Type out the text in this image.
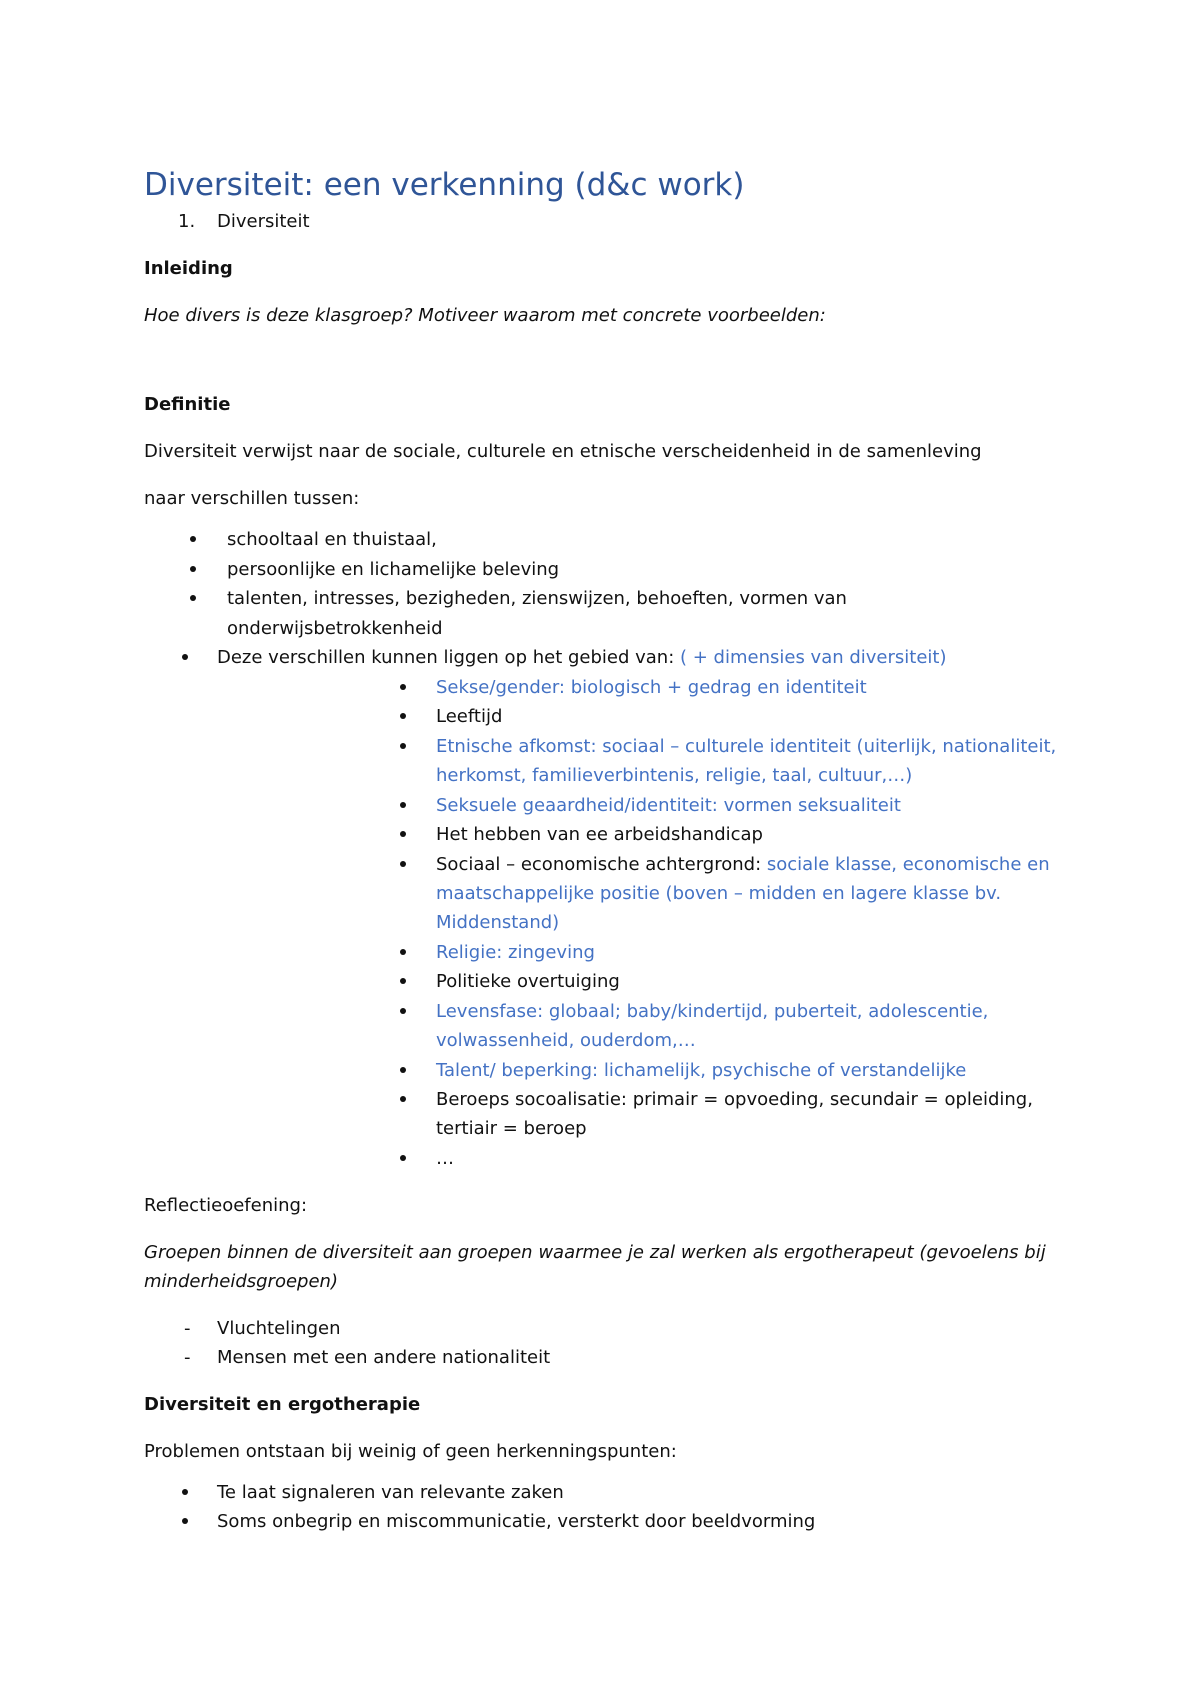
Diversiteit: een verkenning (d&c work)
1. Diversiteit
Inleiding
Hoe divers is deze klasgroep? Motiveer waarom met concrete voorbeelden:
Definitie
Diversiteit verwijst naar de sociale, culturele en etnische verscheidenheid in de samenleving
naar verschillen tussen:
schooltaal en thuistaal,
persoonlijke en lichamelijke beleving
talenten, intresses, bezigheden, zienswijzen, behoeften, vormen van
onderwijsbetrokkenheid
Deze verschillen kunnen liggen op het gebied van: ( + dimensies van diversiteit)
Sekse/gender: biologisch + gedrag en identiteit
Leeftijd
Etnische afkomst: sociaal – culturele identiteit (uiterlijk, nationaliteit,
herkomst, familieverbintenis, religie, taal, cultuur,…)
Seksuele geaardheid/identiteit: vormen seksualiteit
Het hebben van ee arbeidshandicap
Sociaal – economische achtergrond: sociale klasse, economische en
maatschappelijke positie (boven – midden en lagere klasse bv.
Middenstand)
Religie: zingeving
Politieke overtuiging
Levensfase: globaal; baby/kindertijd, puberteit, adolescentie,
volwassenheid, ouderdom,…
Talent/ beperking: lichamelijk, psychische of verstandelijke
Beroeps socoalisatie: primair = opvoeding, secundair = opleiding,
tertiair = beroep
…
Reflectieoefening:
Groepen binnen de diversiteit aan groepen waarmee je zal werken als ergotherapeut (gevoelens bij
minderheidsgroepen)
- Vluchtelingen
- Mensen met een andere nationaliteit
Diversiteit en ergotherapie
Problemen ontstaan bij weinig of geen herkenningspunten:
Te laat signaleren van relevante zaken
Soms onbegrip en miscommunicatie, versterkt door beeldvorming
